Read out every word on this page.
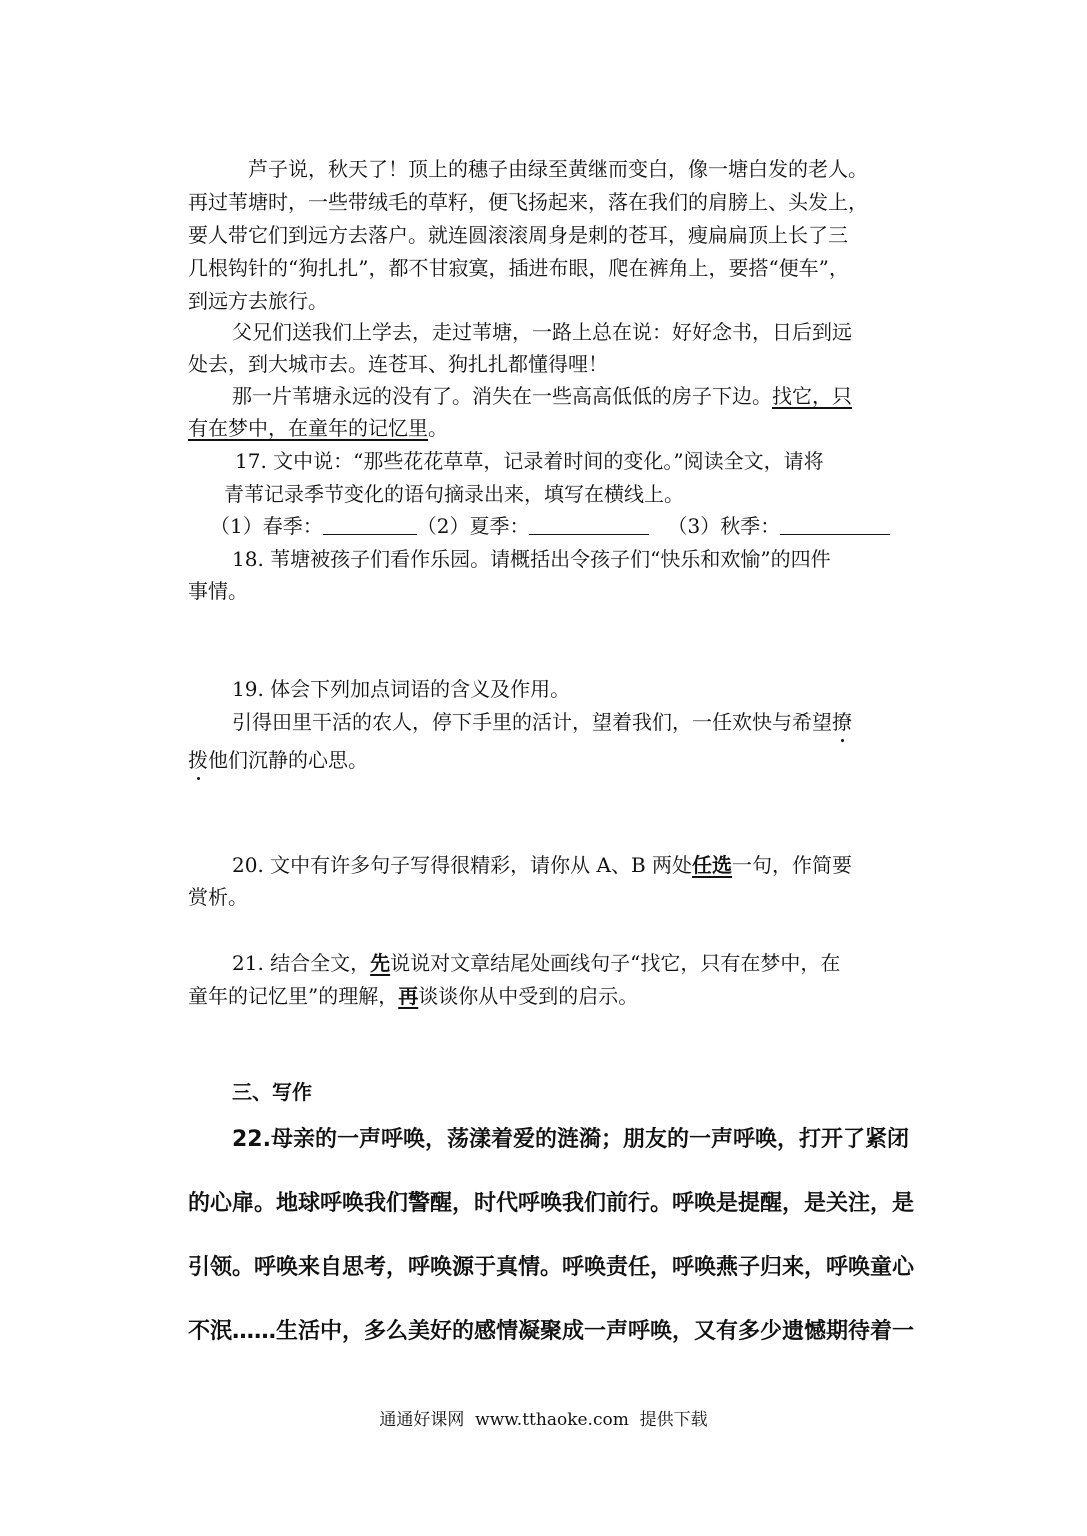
芦子说，秋天了！顶上的穗子由绿至黄继而变白，像一塘白发的老人。
再过苇塘时，一些带绒毛的草籽，便飞扬起来，落在我们的肩膀上、头发上，
要人带它们到远方去落户。就连圆滚滚周身是刺的苍耳，瘦扁扁顶上长了三
几根钩针的“狗扎扎”，都不甘寂寞，插进布眼，爬在裤角上，要搭“便车”，
到远方去旅行。
父兄们送我们上学去，走过苇塘，一路上总在说：好好念书，日后到远
处去，到大城市去。连苍耳、狗扎扎都懂得哩！
那一片苇塘永远的没有了。消失在一些高高低低的房子下边。找它，只
有在梦中，在童年的记忆里。
17. 文中说：“那些花花草草，记录着时间的变化。”阅读全文，请将
青苇记录季节变化的语句摘录出来，填写在横线上。
（1）春季：	（2）夏季：	（3）秋季：
18. 苇塘被孩子们看作乐园。请概括出令孩子们“快乐和欢愉”的四件
事情。
19. 体会下列加点词语的含义及作用。
引得田里干活的农人，停下手里的活计，望着我们，一任欢快与希望撩
拨他们沉静的心思。
20. 文中有许多句子写得很精彩，请你从 A、B 两处任选一句，作简要
赏析。
21. 结合全文，先说说对文章结尾处画线句子“找它，只有在梦中，在
童年的记忆里”的理解，再谈谈你从中受到的启示。
三、写作
22.母亲的一声呼唤，荡漾着爱的涟漪；朋友的一声呼唤，打开了紧闭
的心扉。地球呼唤我们警醒，时代呼唤我们前行。呼唤是提醒，是关注，是
引领。呼唤来自思考，呼唤源于真情。呼唤责任，呼唤燕子归来，呼唤童心
不泯……生活中，多么美好的感情凝聚成一声呼唤，又有多少遗憾期待着一
通通好课网  www.tthaoke.com  提供下载
